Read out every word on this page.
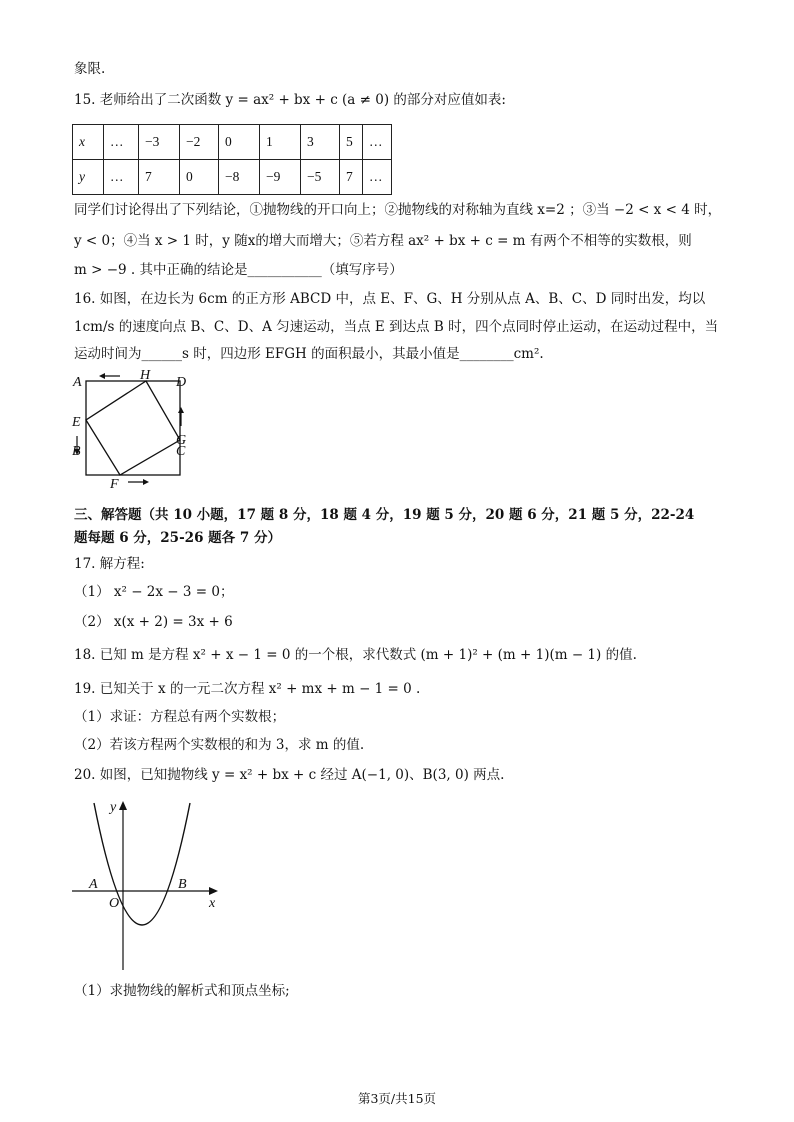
象限.
15. 老师给出了二次函数 y = ax² + bx + c (a ≠ 0) 的部分对应值如表:
x	…	−3	−2	0	1	3	5	…
y	…	7	0	−8	−9	−5	7	…
同学们讨论得出了下列结论，①抛物线的开口向上；②抛物线的对称轴为直线 x=2 ；③当 −2 < x < 4 时，
y < 0；④当 x > 1 时，y 随x的增大而增大；⑤若方程 ax² + bx + c = m 有两个不相等的实数根，则
m > −9 . 其中正确的结论是___________（填写序号）
16. 如图，在边长为 6cm 的正方形 ABCD 中，点 E、F、G、H 分别从点 A、B、C、D 同时出发，均以
1cm/s 的速度向点 B、C、D、A 匀速运动，当点 E 到达点 B 时，四个点同时停止运动，在运动过程中，当
运动时间为______s 时，四边形 EFGH 的面积最小，其最小值是________cm².
A	H D
E
G
B	C
F
三、解答题（共 10 小题，17 题 8 分，18 题 4 分，19 题 5 分，20 题 6 分，21 题 5 分，22-24
题每题 6 分，25-26 题各 7 分）
17. 解方程:
（1） x² − 2x − 3 = 0；
（2） x(x + 2) = 3x + 6
18. 已知 m 是方程 x² + x − 1 = 0 的一个根，求代数式 (m + 1)² + (m + 1)(m − 1) 的值.
19. 已知关于 x 的一元二次方程 x² + mx + m − 1 = 0 .
（1）求证：方程总有两个实数根；
（2）若该方程两个实数根的和为 3，求 m 的值.
20. 如图，已知抛物线 y = x² + bx + c 经过 A(−1, 0)、B(3, 0) 两点.
y
x
O
A	B
（1）求抛物线的解析式和顶点坐标;
第3页/共15页
